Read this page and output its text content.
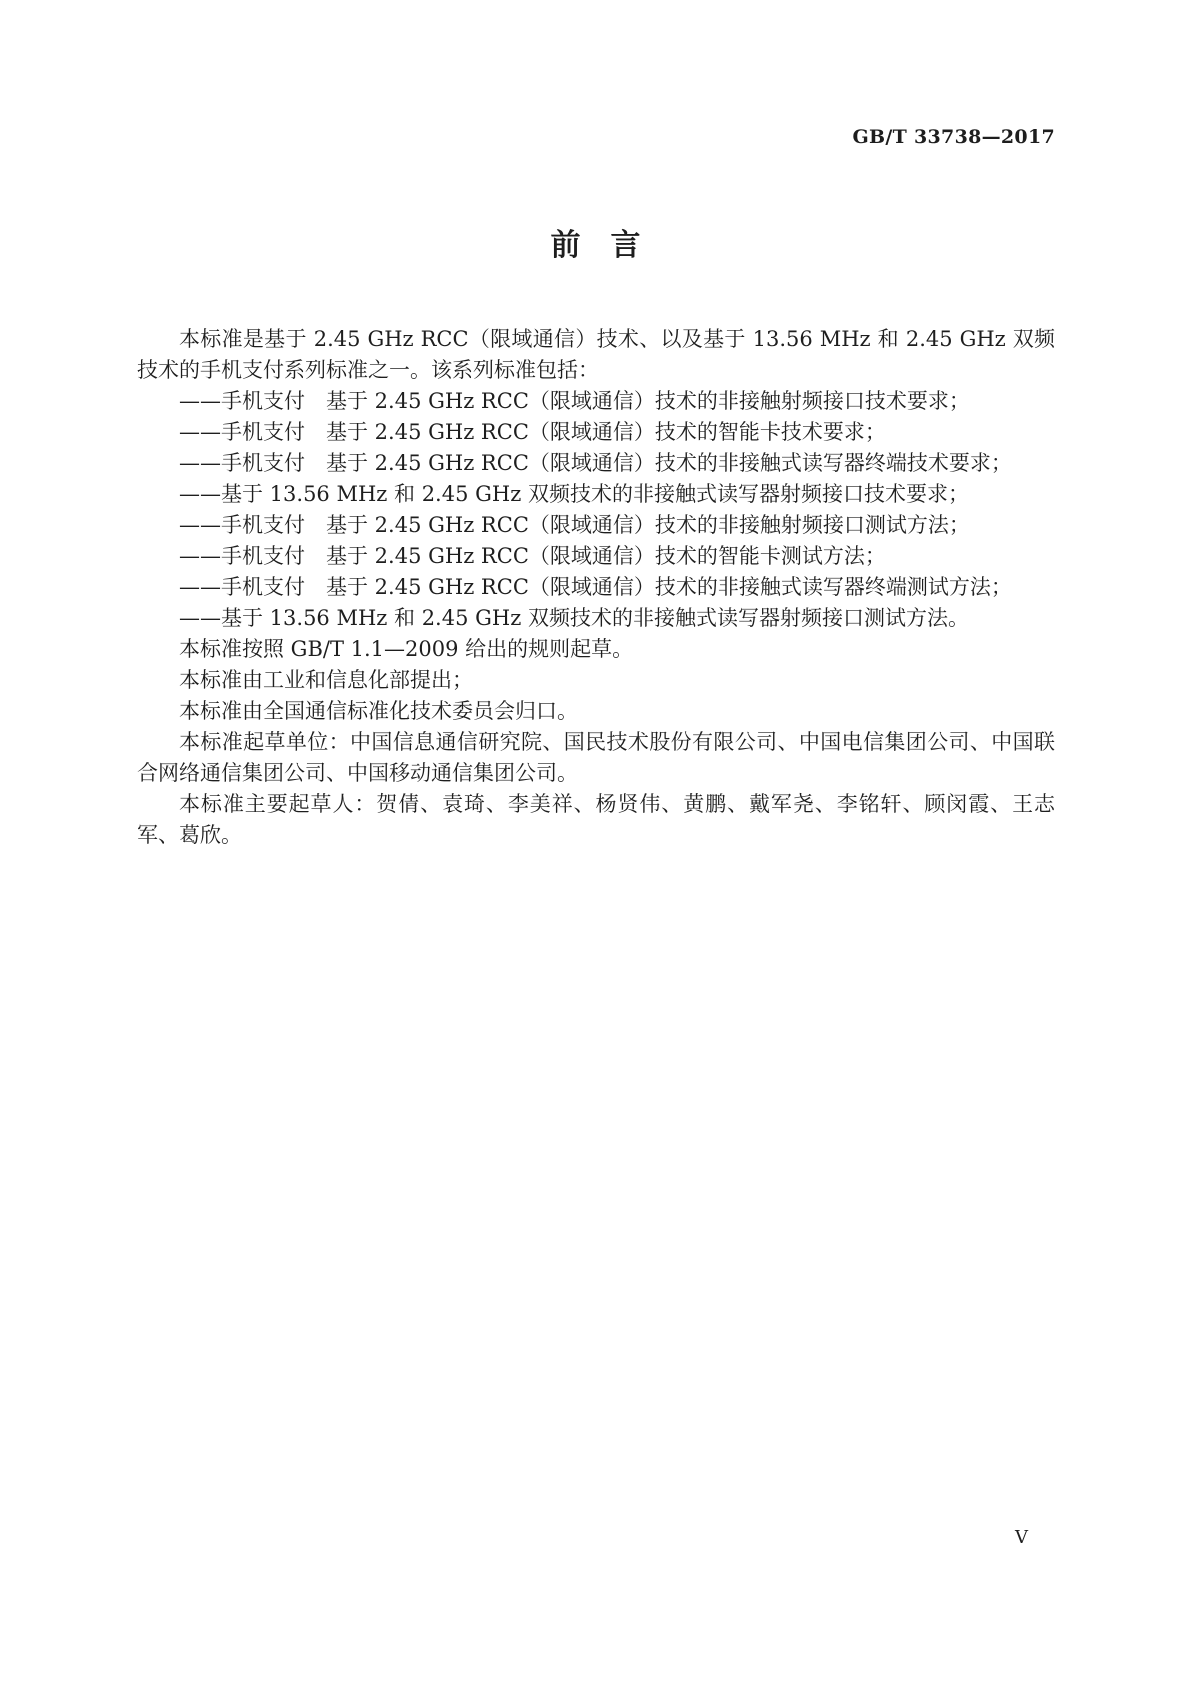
GB/T 33738—2017
前　言

本标准是基于 2.45 GHz RCC（限域通信）技术、以及基于 13.56 MHz 和 2.45 GHz 双频技术的手机支付系列标准之一。该系列标准包括：

——手机支付　基于 2.45 GHz RCC（限域通信）技术的非接触射频接口技术要求；

——手机支付　基于 2.45 GHz RCC（限域通信）技术的智能卡技术要求；

——手机支付　基于 2.45 GHz RCC（限域通信）技术的非接触式读写器终端技术要求；

——基于 13.56 MHz 和 2.45 GHz 双频技术的非接触式读写器射频接口技术要求；

——手机支付　基于 2.45 GHz RCC（限域通信）技术的非接触射频接口测试方法；

——手机支付　基于 2.45 GHz RCC（限域通信）技术的智能卡测试方法；

——手机支付　基于 2.45 GHz RCC（限域通信）技术的非接触式读写器终端测试方法；

——基于 13.56 MHz 和 2.45 GHz 双频技术的非接触式读写器射频接口测试方法。

本标准按照 GB/T 1.1—2009 给出的规则起草。

本标准由工业和信息化部提出；

本标准由全国通信标准化技术委员会归口。

本标准起草单位：中国信息通信研究院、国民技术股份有限公司、中国电信集团公司、中国联合网络通信集团公司、中国移动通信集团公司。

本标准主要起草人：贺倩、袁琦、李美祥、杨贤伟、黄鹏、戴军尧、李铭轩、顾闵霞、王志军、葛欣。

V
